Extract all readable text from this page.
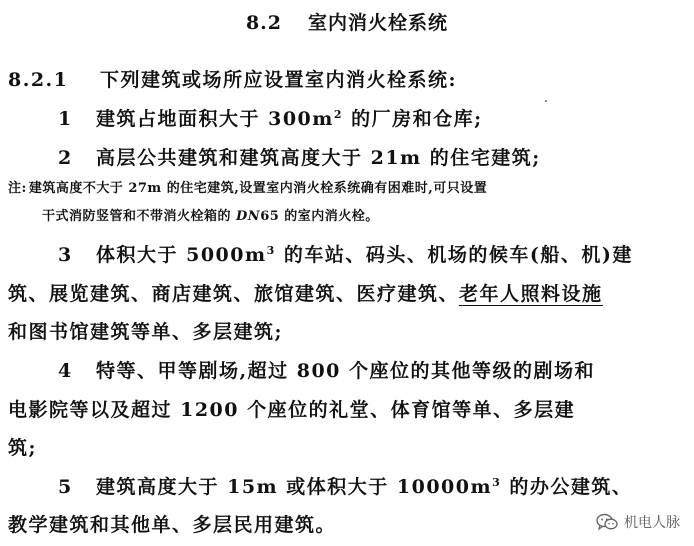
8.2 室内消火栓系统
8.2.1 下列建筑或场所应设置室内消火栓系统:
1 建筑占地面积大于 $300m^2$ 的厂房和仓库;
2 高层公共建筑和建筑高度大于 21m 的住宅建筑;
注: 建筑高度不大于 27m 的住宅建筑,设置室内消火栓系统确有困难时,可只设置
干式消防竖管和不带消火栓箱的 DN65 的室内消火栓。
3 体积大于 $5000m^3$ 的车站、码头、机场的候车(船、机)建
筑、展览建筑、商店建筑、旅馆建筑、医疗建筑、老年人照料设施
和图书馆建筑等单、多层建筑;
4 特等、甲等剧场,超过 800 个座位的其他等级的剧场和
电影院等以及超过 1200 个座位的礼堂、体育馆等单、多层建
筑;
5 建筑高度大于 15m 或体积大于 $10000m^3$ 的办公建筑、
教学建筑和其他单、多层民用建筑。	机电人脉
